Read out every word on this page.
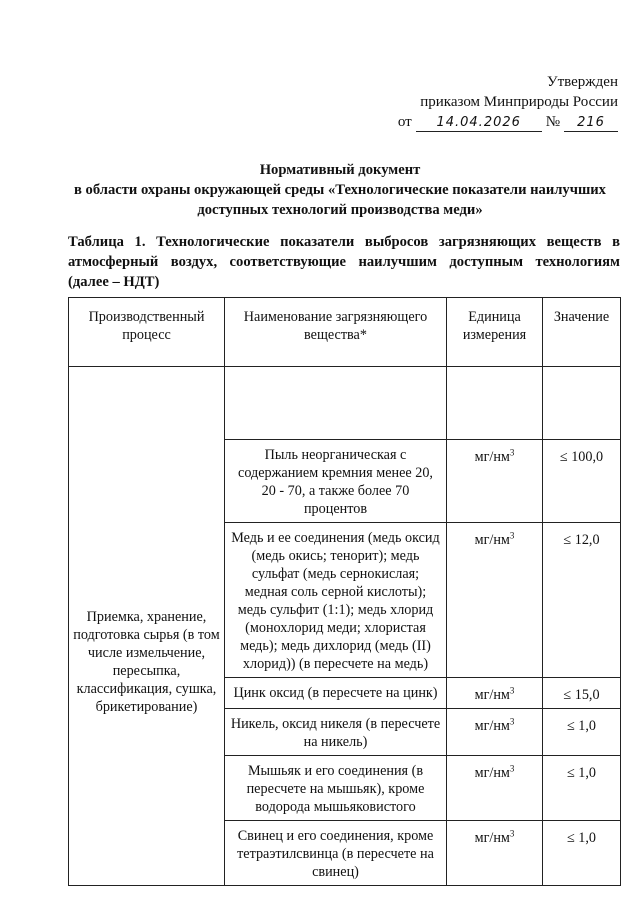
Утвержден
приказом Минприроды России
от	14.04.2026	№	216
Нормативный документ
в области охраны окружающей среды «Технологические показатели наилучших
доступных технологий производства меди»
Таблица 1. Технологические показатели выбросов загрязняющих веществ в атмосферный воздух, соответствующие наилучшим доступным технологиям (далее – НДТ)
Производственный процесс	Наименование загрязняющего вещества*	Единица измерения	Значение

Приемка, хранение, подготовка сырья (в том числе измельчение, пересыпка, классификация, сушка, брикетирование)	Пыль неорганическая с содержанием кремния менее 20, 20 - 70, а также более 70 процентов	$мг/нм^3$	≤ 100,0
	Медь и ее соединения (медь оксид (медь окись; тенорит); медь сульфат (медь сернокислая; медная соль серной кислоты); медь сульфит (1:1); медь хлорид (монохлорид меди; хлористая медь); медь дихлорид (медь (II) хлорид)) (в пересчете на медь)	$мг/нм^3$	≤ 12,0
	Цинк оксид (в пересчете на цинк)	$мг/нм^3$	≤ 15,0
	Никель, оксид никеля (в пересчете на никель)	$мг/нм^3$	≤ 1,0
	Мышьяк и его соединения (в пересчете на мышьяк), кроме водорода мышьяковистого	$мг/нм^3$	≤ 1,0
	Свинец и его соединения, кроме тетраэтилсвинца (в пересчете на свинец)	$мг/нм^3$	≤ 1,0
